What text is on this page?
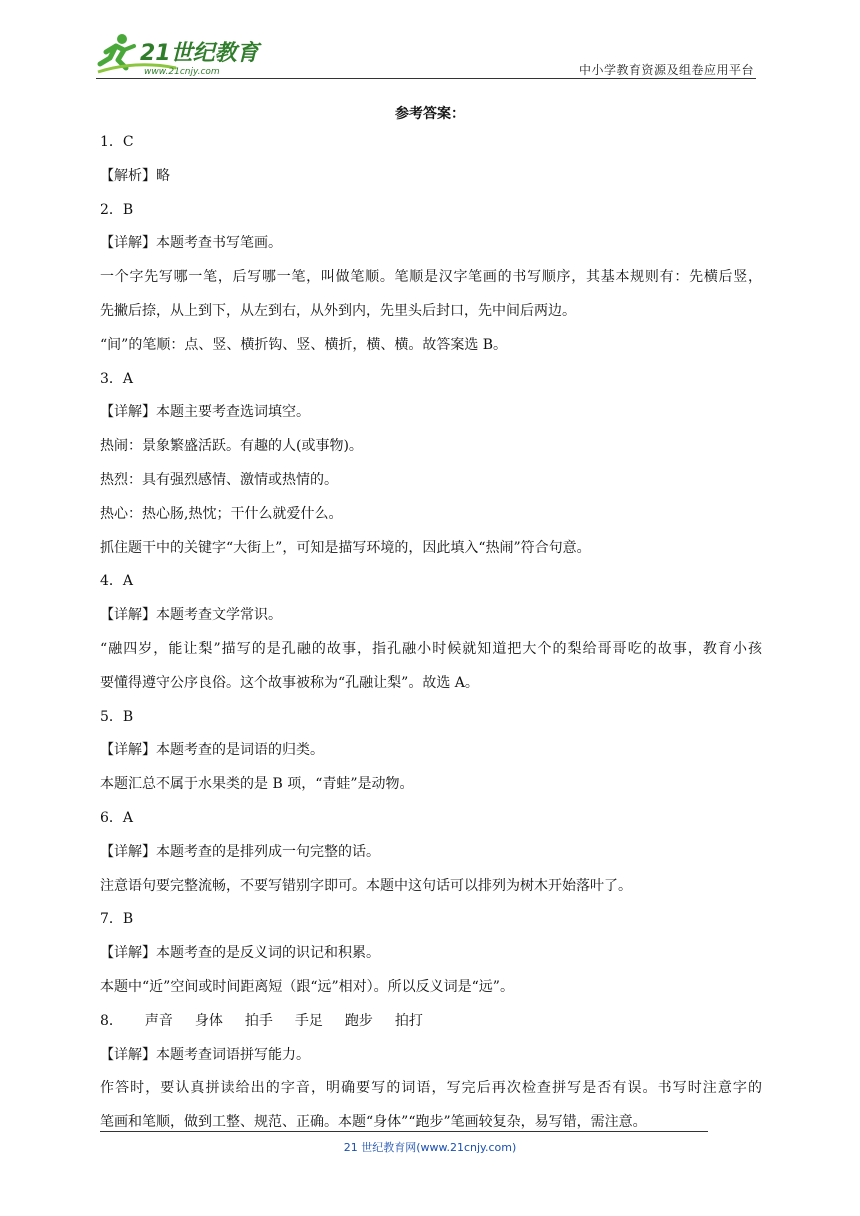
21世纪教育
www.21cnjy.com	中小学教育资源及组卷应用平台
参考答案：
1．C
【解析】略
2．B
【详解】本题考查书写笔画。
一个字先写哪一笔，后写哪一笔，叫做笔顺。笔顺是汉字笔画的书写顺序，其基本规则有：先横后竖，
先撇后捺，从上到下，从左到右，从外到内，先里头后封口，先中间后两边。
“间”的笔顺：点、竖、横折钩、竖、横折，横、横。故答案选 B。
3．A
【详解】本题主要考查选词填空。
热闹：景象繁盛活跃。有趣的人(或事物)。
热烈：具有强烈感情、激情或热情的。
热心：热心肠,热忱；干什么就爱什么。
抓住题干中的关键字“大街上”，可知是描写环境的，因此填入“热闹”符合句意。
4．A
【详解】本题考查文学常识。
“融四岁，能让梨”描写的是孔融的故事，指孔融小时候就知道把大个的梨给哥哥吃的故事，教育小孩
要懂得遵守公序良俗。这个故事被称为“孔融让梨”。故选 A。
5．B
【详解】本题考查的是词语的归类。
本题汇总不属于水果类的是 B 项，“青蛙”是动物。
6．A
【详解】本题考查的是排列成一句完整的话。
注意语句要完整流畅，不要写错别字即可。本题中这句话可以排列为树木开始落叶了。
7．B
【详解】本题考查的是反义词的识记和积累。
本题中“近”空间或时间距离短（跟“远”相对）。所以反义词是“远”。
8． 声音 身体 拍手 手足 跑步 拍打
【详解】本题考查词语拼写能力。
作答时，要认真拼读给出的字音，明确要写的词语，写完后再次检查拼写是否有误。书写时注意字的
笔画和笔顺，做到工整、规范、正确。本题“身体”“跑步”笔画较复杂，易写错，需注意。
21 世纪教育网(www.21cnjy.com)
